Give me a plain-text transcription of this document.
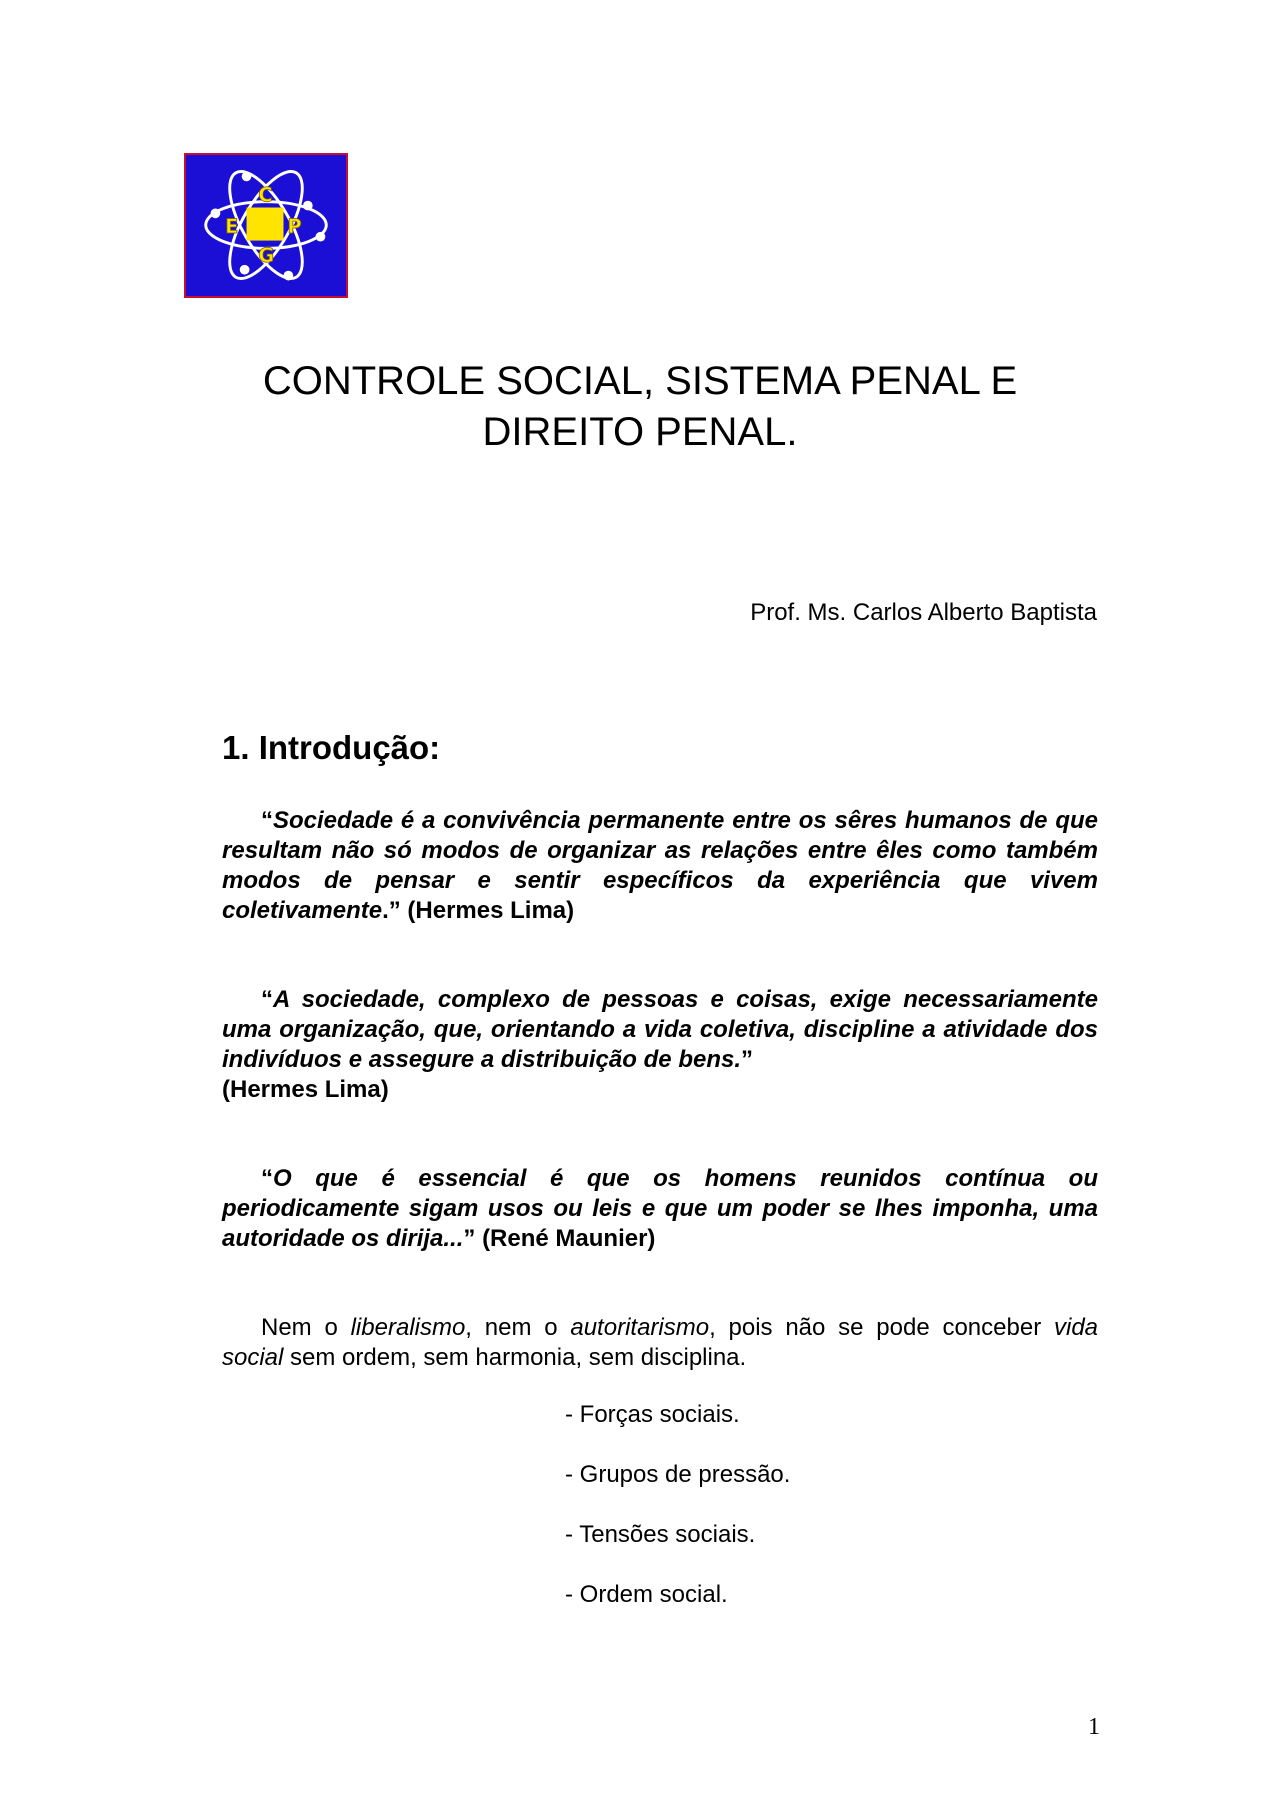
C
E P
G
CONTROLE SOCIAL, SISTEMA PENAL E
DIREITO PENAL.
Prof. Ms. Carlos Alberto Baptista
1. Introdução:

“Sociedade é a convivência permanente entre os sêres humanos de que resultam não só modos de organizar as relações entre êles como também modos de pensar e sentir específicos da experiência que vivem coletivamente.” (Hermes Lima)

“A sociedade, complexo de pessoas e coisas, exige necessariamente uma organização, que, orientando a vida coletiva, discipline a atividade dos indivíduos e assegure a distribuição de bens.”(Hermes Lima)

“O que é essencial é que os homens reunidos contínua ou periodicamente sigam usos ou leis e que um poder se lhes imponha, uma autoridade os dirija...” (René Maunier)

Nem o liberalismo, nem o autoritarismo, pois não se pode conceber vida social sem ordem, sem harmonia, sem disciplina.

- Forças sociais.
- Grupos de pressão.
- Tensões sociais.
- Ordem social.
1
